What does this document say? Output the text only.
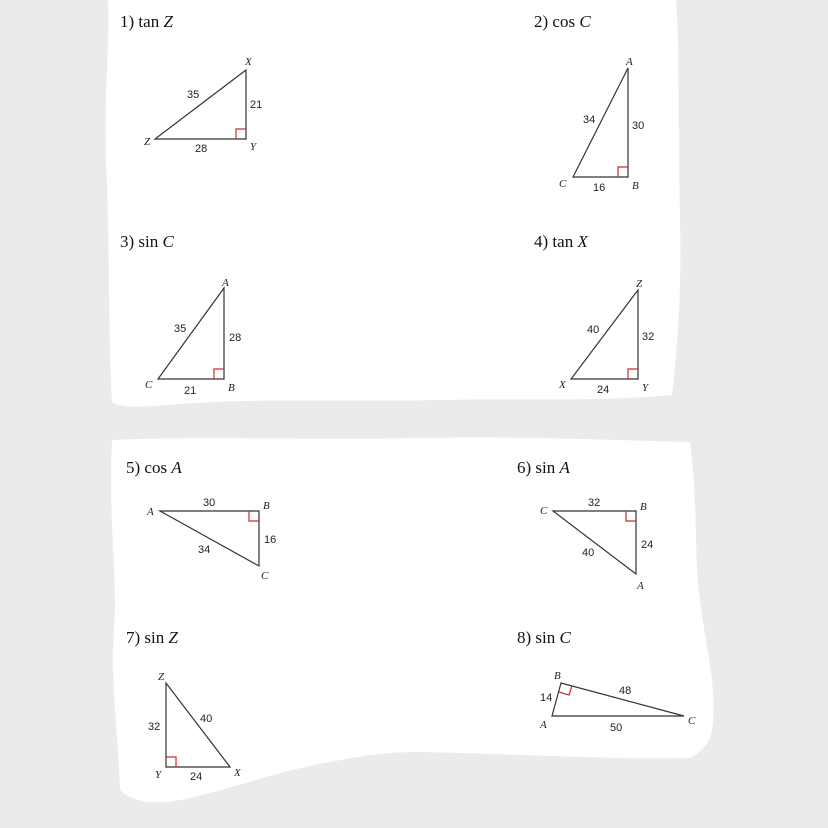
X
Y
Z
35
21
28
A
B
C
34	30
16
A
B
C
35
28
21
Z
Y
X
40
32
24
A	B
C
30
16
34
C	B
A
32
24
40
Z
Y	X
32
40
24
B
A	C
14
48
50
1) tan Z	2) cos C
3) sin C	4) tan X
5) cos A	6) sin A
7) sin Z	8) sin C
